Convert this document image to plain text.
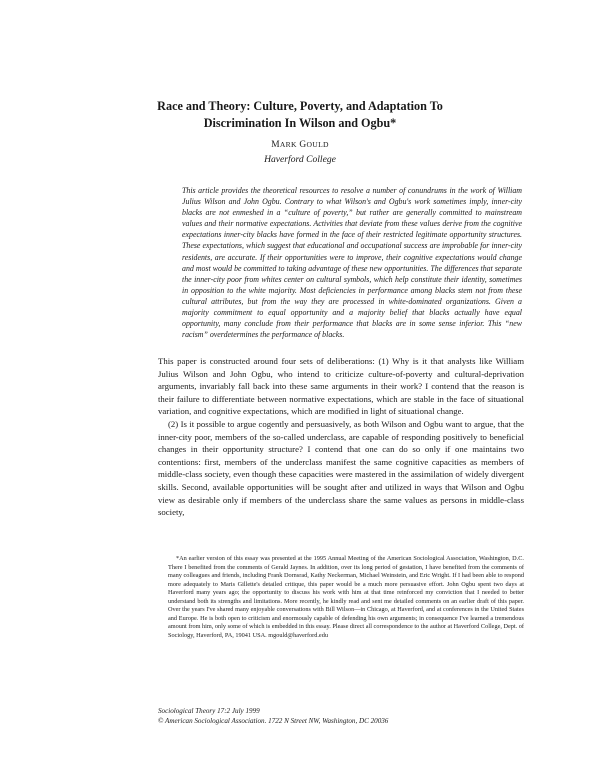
Race and Theory: Culture, Poverty, and Adaptation To
Discrimination In Wilson and Ogbu*
MARK GOULD
Haverford College

This article provides the theoretical resources to resolve a number of conundrums in the work of William Julius Wilson and John Ogbu. Contrary to what Wilson's and Ogbu's work sometimes imply, inner-city blacks are not enmeshed in a “culture of poverty,” but rather are generally committed to mainstream values and their normative expectations. Activities that deviate from these values derive from the cognitive expectations inner-city blacks have formed in the face of their restricted legitimate opportunity structures. These expectations, which suggest that educational and occupational success are improbable for inner-city residents, are accurate. If their opportunities were to improve, their cognitive expectations would change and most would be committed to taking advantage of these new opportunities. The differences that separate the inner-city poor from whites center on cultural symbols, which help constitute their identity, sometimes in opposition to the white majority. Most deficiencies in performance among blacks stem not from these cultural attributes, but from the way they are processed in white-dominated organizations. Given a majority commitment to equal opportunity and a majority belief that blacks actually have equal opportunity, many conclude from their performance that blacks are in some sense inferior. This “new racism” overdetermines the performance of blacks.

This paper is constructed around four sets of deliberations: (1) Why is it that analysts like William Julius Wilson and John Ogbu, who intend to criticize culture-of-poverty and cultural-deprivation arguments, invariably fall back into these same arguments in their work? I contend that the reason is their failure to differentiate between normative expectations, which are stable in the face of situational variation, and cognitive expectations, which are modified in light of situational change.

(2) Is it possible to argue cogently and persuasively, as both Wilson and Ogbu want to argue, that the inner-city poor, members of the so-called underclass, are capable of responding positively to beneficial changes in their opportunity structure? I contend that one can do so only if one maintains two contentions: first, members of the underclass manifest the same cognitive capacities as members of middle-class society, even though these capacities were mastered in the assimilation of widely divergent skills. Second, available opportunities will be sought after and utilized in ways that Wilson and Ogbu view as desirable only if members of the underclass share the same values as persons in middle-class society,

*An earlier version of this essay was presented at the 1995 Annual Meeting of the American Sociological Association, Washington, D.C. There I benefited from the comments of Gerald Jaynes. In addition, over its long period of gestation, I have benefited from the comments of many colleagues and friends, including Frank Dornsrad, Kathy Neckerman, Michael Weinstein, and Eric Wright. If I had been able to respond more adequately to Maris Gillette's detailed critique, this paper would be a much more persuasive effort. John Ogbu spent two days at Haverford many years ago; the opportunity to discuss his work with him at that time reinforced my conviction that I needed to better understand both its strengths and limitations. More recently, he kindly read and sent me detailed comments on an earlier draft of this paper. Over the years I've shared many enjoyable conversations with Bill Wilson—in Chicago, at Haverford, and at conferences in the United States and Europe. He is both open to criticism and enormously capable of defending his own arguments; in consequence I've learned a tremendous amount from him, only some of which is embedded in this essay. Please direct all correspondence to the author at Haverford College, Dept. of Sociology, Haverford, PA, 19041 USA. mgould@haverford.edu

Sociological Theory 17:2 July 1999
© American Sociological Association. 1722 N Street NW, Washington, DC 20036
